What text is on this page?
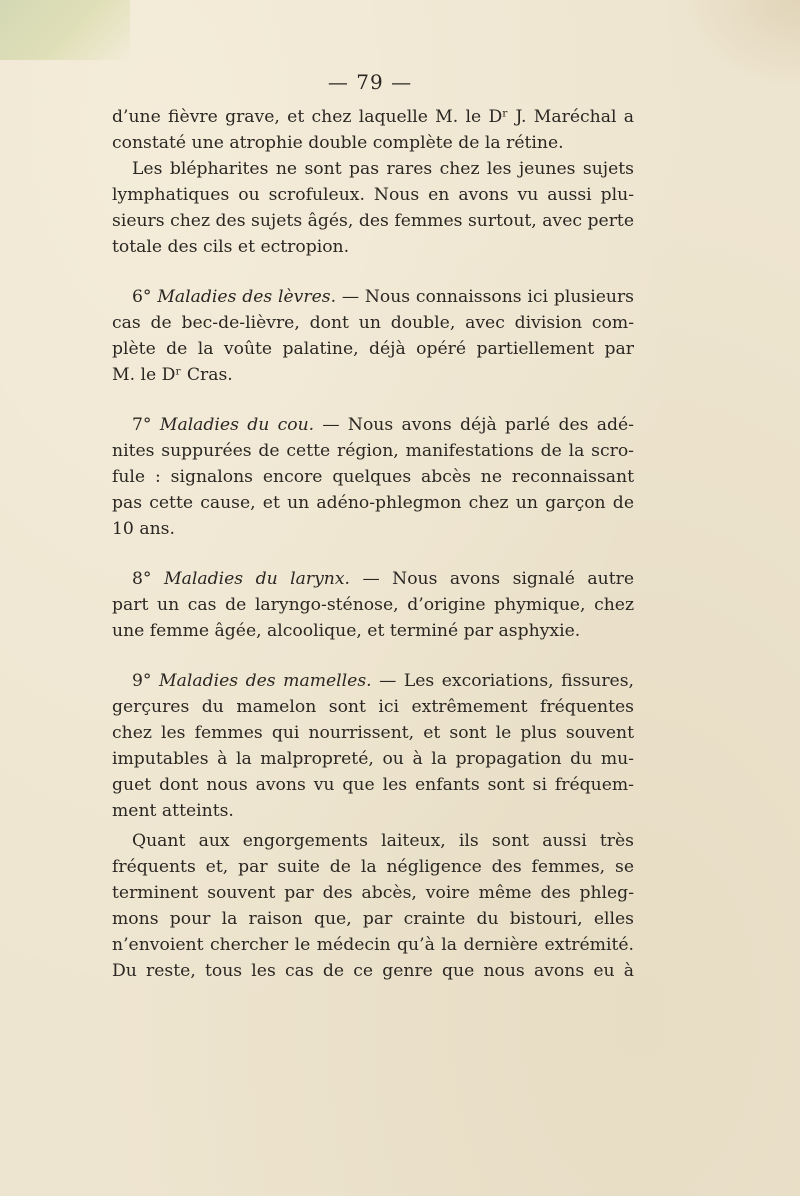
— 79 —
d’une fièvre grave, et chez laquelle M. le Dʳ J. Maréchal a
constaté une atrophie double complète de la rétine.
Les blépharites ne sont pas rares chez les jeunes sujets
lymphatiques ou scrofuleux. Nous en avons vu aussi plu-
sieurs chez des sujets âgés, des femmes surtout, avec perte
totale des cils et ectropion.
6° Maladies des lèvres. — Nous connaissons ici plusieurs
cas de bec-de-lièvre, dont un double, avec division com-
plète de la voûte palatine, déjà opéré partiellement par
M. le Dʳ Cras.
7° Maladies du cou. — Nous avons déjà parlé des adé-
nites suppurées de cette région, manifestations de la scro-
fule : signalons encore quelques abcès ne reconnaissant
pas cette cause, et un adéno-phlegmon chez un garçon de
10 ans.
8° Maladies du larynx. — Nous avons signalé autre
part un cas de laryngo-sténose, d’origine phymique, chez
une femme âgée, alcoolique, et terminé par asphyxie.
9° Maladies des mamelles. — Les excoriations, fissures,
gerçures du mamelon sont ici extrêmement fréquentes
chez les femmes qui nourrissent, et sont le plus souvent
imputables à la malpropreté, ou à la propagation du mu-
guet dont nous avons vu que les enfants sont si fréquem-
ment atteints.
Quant aux engorgements laiteux, ils sont aussi très
fréquents et, par suite de la négligence des femmes, se
terminent souvent par des abcès, voire même des phleg-
mons pour la raison que, par crainte du bistouri, elles
n’envoient chercher le médecin qu’à la dernière extrémité.
Du reste, tous les cas de ce genre que nous avons eu à
